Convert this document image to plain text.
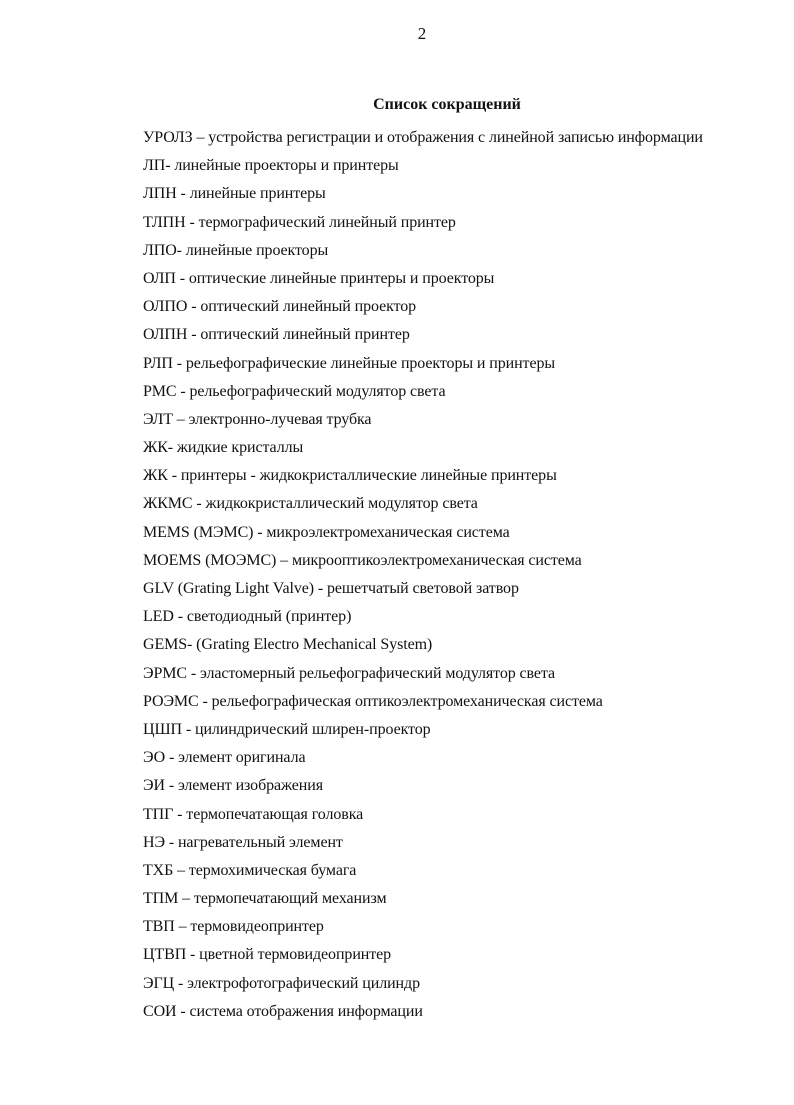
2
Список сокращений
УРОЛЗ – устройства регистрации и отображения с линейной записью информации
ЛП- линейные проекторы и принтеры
ЛПН - линейные принтеры
ТЛПН - термографический линейный принтер
ЛПО- линейные проекторы
ОЛП - оптические линейные принтеры и проекторы
ОЛПО - оптический линейный проектор
ОЛПН - оптический линейный принтер
РЛП - рельефографические линейные проекторы и принтеры
РМС - рельефографический модулятор света
ЭЛТ – электронно-лучевая трубка
ЖК- жидкие кристаллы
ЖК - принтеры - жидкокристаллические линейные принтеры
ЖКМС - жидкокристаллический модулятор света
MEMS (МЭМС) - микроэлектромеханическая система
MOEMS (МОЭМС) – микрооптикоэлектромеханическая система
GLV (Grating Light Valve) - решетчатый световой затвор
LED - светодиодный (принтер)
GEMS- (Grating Electro Mechanical System)
ЭРМС - эластомерный рельефографический модулятор света
РОЭМС - рельефографическая оптикоэлектромеханическая система
ЦШП - цилиндрический шлирен-проектор
ЭО - элемент оригинала
ЭИ - элемент изображения
ТПГ - термопечатающая головка
НЭ - нагревательный элемент
ТХБ – термохимическая бумага
ТПМ – термопечатающий механизм
ТВП – термовидеопринтер
ЦТВП - цветной термовидеопринтер
ЭГЦ - электрофотографический цилиндр
СОИ - система отображения информации
